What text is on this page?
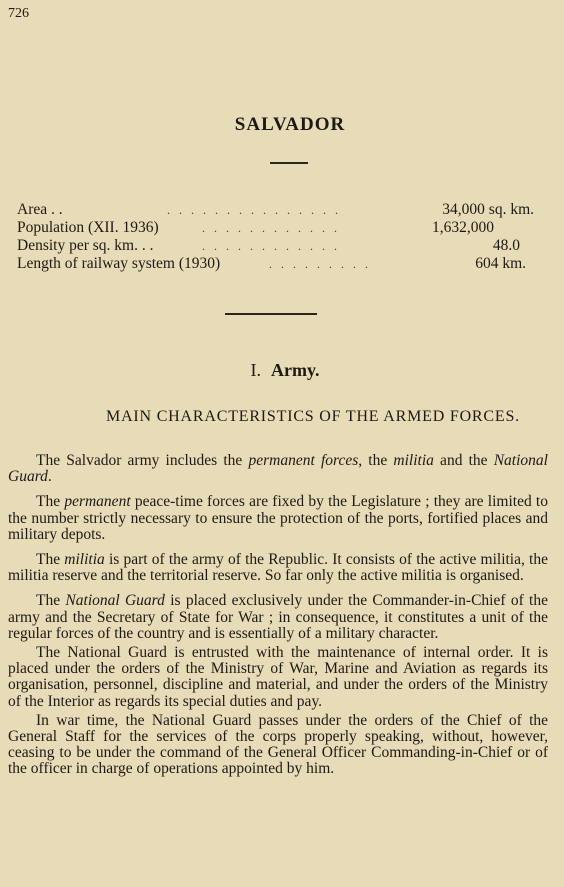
726
SALVADOR
Area . .	. . . . . . . . . . . . . . .	34,000 sq. km.
Population (XII. 1936)	. . . . . . . . . . . .	1,632,000
Density per sq. km. . .	. . . . . . . . . . . .	48.0
Length of railway system (1930)	. . . . . . . . .	604 km.
I. Army.
MAIN CHARACTERISTICS OF THE ARMED FORCES.

The Salvador army includes the permanent forces, the militia and the National Guard.

The permanent peace-time forces are fixed by the Legislature ; they are limited to the number strictly necessary to ensure the protection of the ports, fortified places and military depots.

The militia is part of the army of the Republic. It consists of the active militia, the militia reserve and the territorial reserve. So far only the active militia is organised.

The National Guard is placed exclusively under the Commander-in-Chief of the army and the Secretary of State for War ; in consequence, it constitutes a unit of the regular forces of the country and is essentially of a military character.

The National Guard is entrusted with the maintenance of internal order. It is placed under the orders of the Ministry of War, Marine and Aviation as regards its organisation, personnel, discipline and material, and under the orders of the Ministry of the Interior as regards its special duties and pay.

In war time, the National Guard passes under the orders of the Chief of the General Staff for the services of the corps properly speaking, without, however, ceasing to be under the command of the General Officer Commanding-in-Chief or of the officer in charge of operations appointed by him.
